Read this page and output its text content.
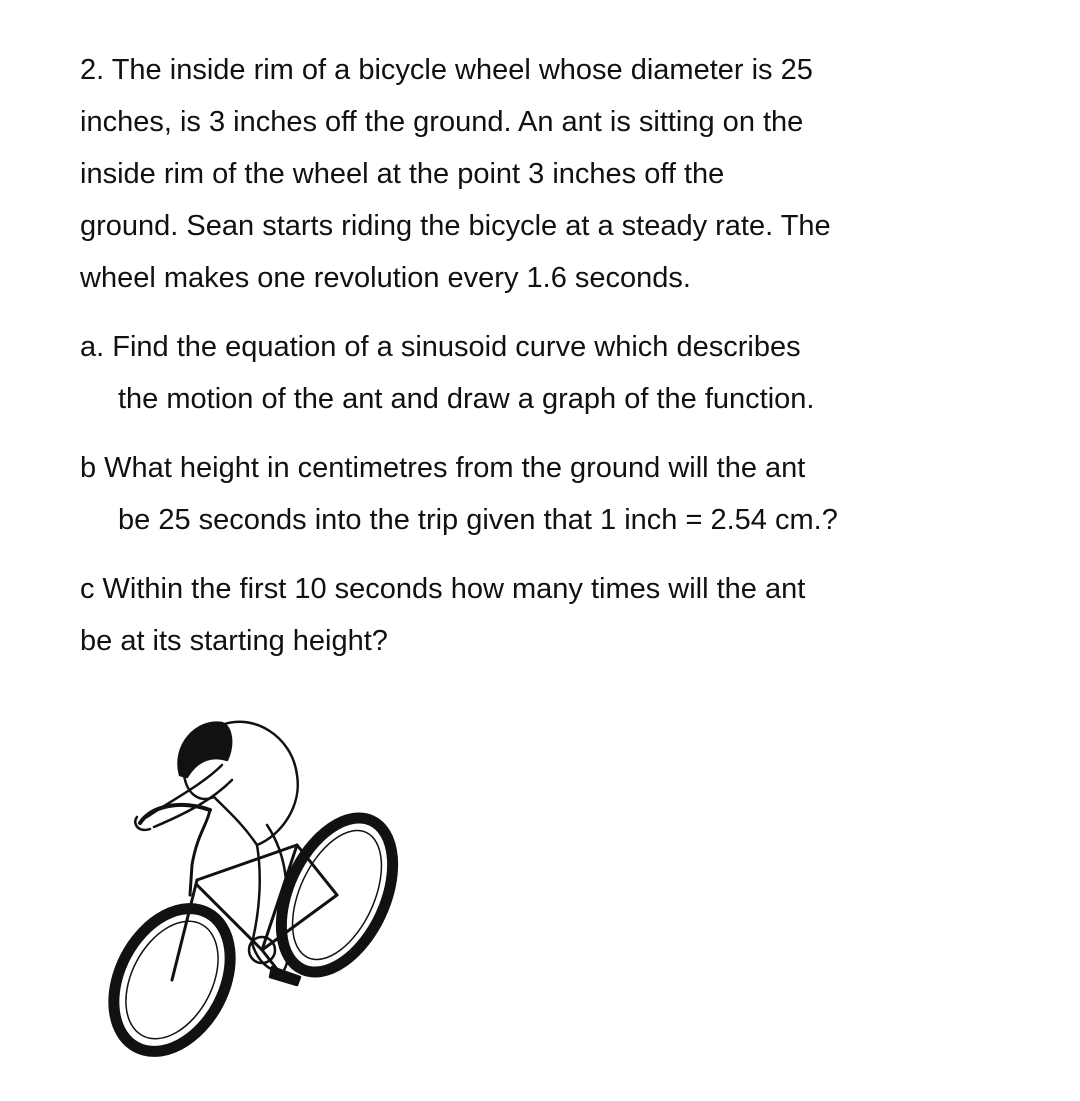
2. The inside rim of a bicycle wheel whose diameter is 25
inches, is 3 inches off the ground. An ant is sitting on the
inside rim of the wheel at the point 3 inches off the
ground. Sean starts riding the bicycle at a steady rate. The
wheel makes one revolution every 1.6 seconds.
a. Find the equation of a sinusoid curve which describes
the motion of the ant and draw a graph of the function.
b What height in centimetres from the ground will the ant
be 25 seconds into the trip given that 1 inch = 2.54 cm.?
c Within the first 10 seconds how many times will the ant
be at its starting height?
